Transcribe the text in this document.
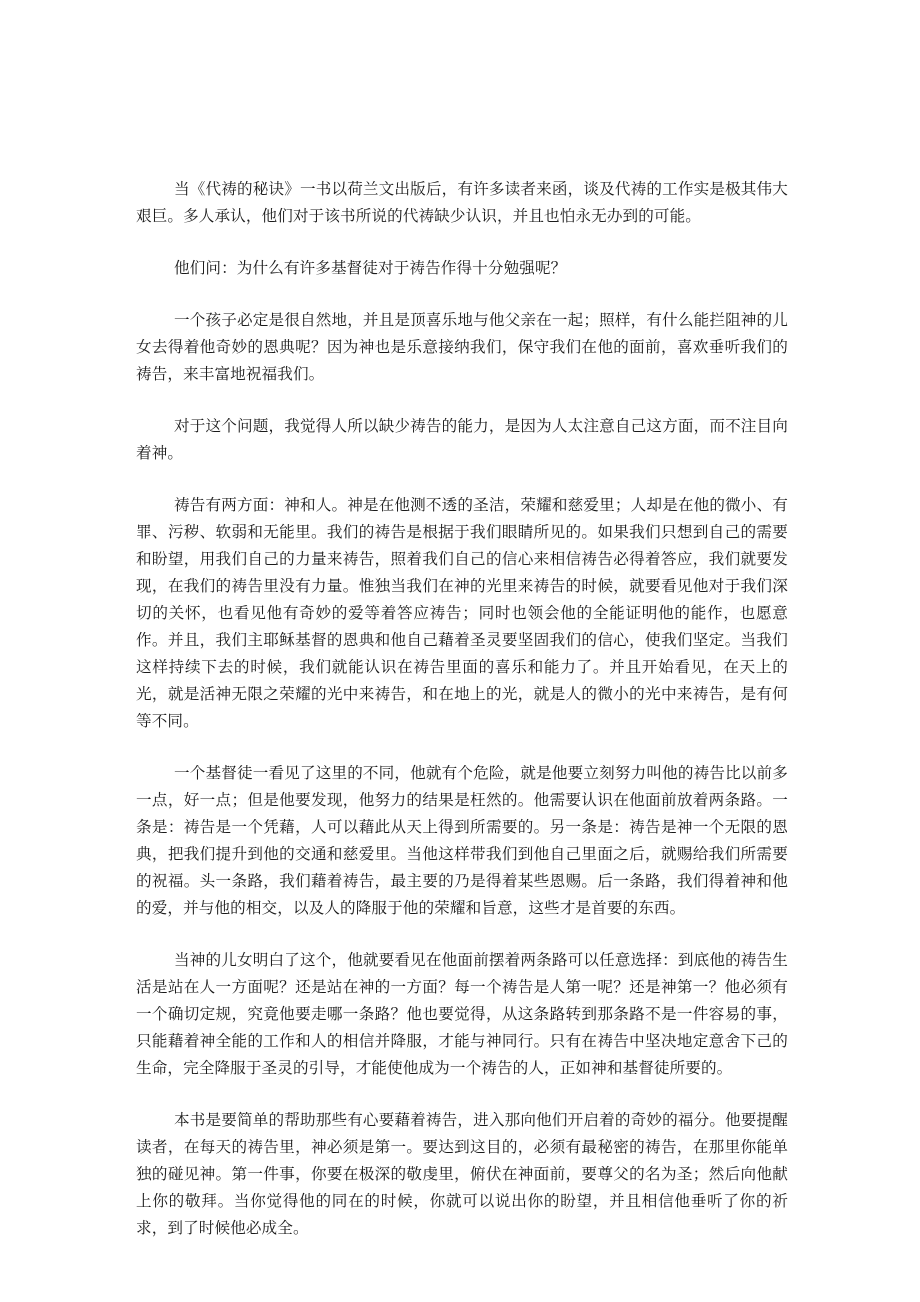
当《代祷的秘诀》一书以荷兰文出版后，有许多读者来函，谈及代祷的工作实是极其伟大艰巨。多人承认，他们对于该书所说的代祷缺少认识，并且也怕永无办到的可能。

他们问：为什么有许多基督徒对于祷告作得十分勉强呢？

一个孩子必定是很自然地，并且是顶喜乐地与他父亲在一起；照样，有什么能拦阻神的儿女去得着他奇妙的恩典呢？因为神也是乐意接纳我们，保守我们在他的面前，喜欢垂听我们的祷告，来丰富地祝福我们。

对于这个问题，我觉得人所以缺少祷告的能力，是因为人太注意自己这方面，而不注目向着神。

祷告有两方面：神和人。神是在他测不透的圣洁，荣耀和慈爱里；人却是在他的微小、有罪、污秽、软弱和无能里。我们的祷告是根据于我们眼睛所见的。如果我们只想到自己的需要和盼望，用我们自己的力量来祷告，照着我们自己的信心来相信祷告必得着答应，我们就要发现，在我们的祷告里没有力量。惟独当我们在神的光里来祷告的时候，就要看见他对于我们深切的关怀，也看见他有奇妙的爱等着答应祷告；同时也领会他的全能证明他的能作，也愿意作。并且，我们主耶稣基督的恩典和他自己藉着圣灵要坚固我们的信心，使我们坚定。当我们这样持续下去的时候，我们就能认识在祷告里面的喜乐和能力了。并且开始看见，在天上的光，就是活神无限之荣耀的光中来祷告，和在地上的光，就是人的微小的光中来祷告，是有何等不同。

一个基督徒一看见了这里的不同，他就有个危险，就是他要立刻努力叫他的祷告比以前多一点，好一点；但是他要发现，他努力的结果是枉然的。他需要认识在他面前放着两条路。一条是：祷告是一个凭藉，人可以藉此从天上得到所需要的。另一条是：祷告是神一个无限的恩典，把我们提升到他的交通和慈爱里。当他这样带我们到他自己里面之后，就赐给我们所需要的祝福。头一条路，我们藉着祷告，最主要的乃是得着某些恩赐。后一条路，我们得着神和他的爱，并与他的相交，以及人的降服于他的荣耀和旨意，这些才是首要的东西。

当神的儿女明白了这个，他就要看见在他面前摆着两条路可以任意选择：到底他的祷告生活是站在人一方面呢？还是站在神的一方面？每一个祷告是人第一呢？还是神第一？他必须有一个确切定规，究竟他要走哪一条路？他也要觉得，从这条路转到那条路不是一件容易的事，只能藉着神全能的工作和人的相信并降服，才能与神同行。只有在祷告中坚决地定意舍下己的生命，完全降服于圣灵的引导，才能使他成为一个祷告的人，正如神和基督徒所要的。

本书是要简单的帮助那些有心要藉着祷告，进入那向他们开启着的奇妙的福分。他要提醒读者，在每天的祷告里，神必须是第一。要达到这目的，必须有最秘密的祷告，在那里你能单独的碰见神。第一件事，你要在极深的敬虔里，俯伏在神面前，要尊父的名为圣；然后向他献上你的敬拜。当你觉得他的同在的时候，你就可以说出你的盼望，并且相信他垂听了你的祈求，到了时候他必成全。
